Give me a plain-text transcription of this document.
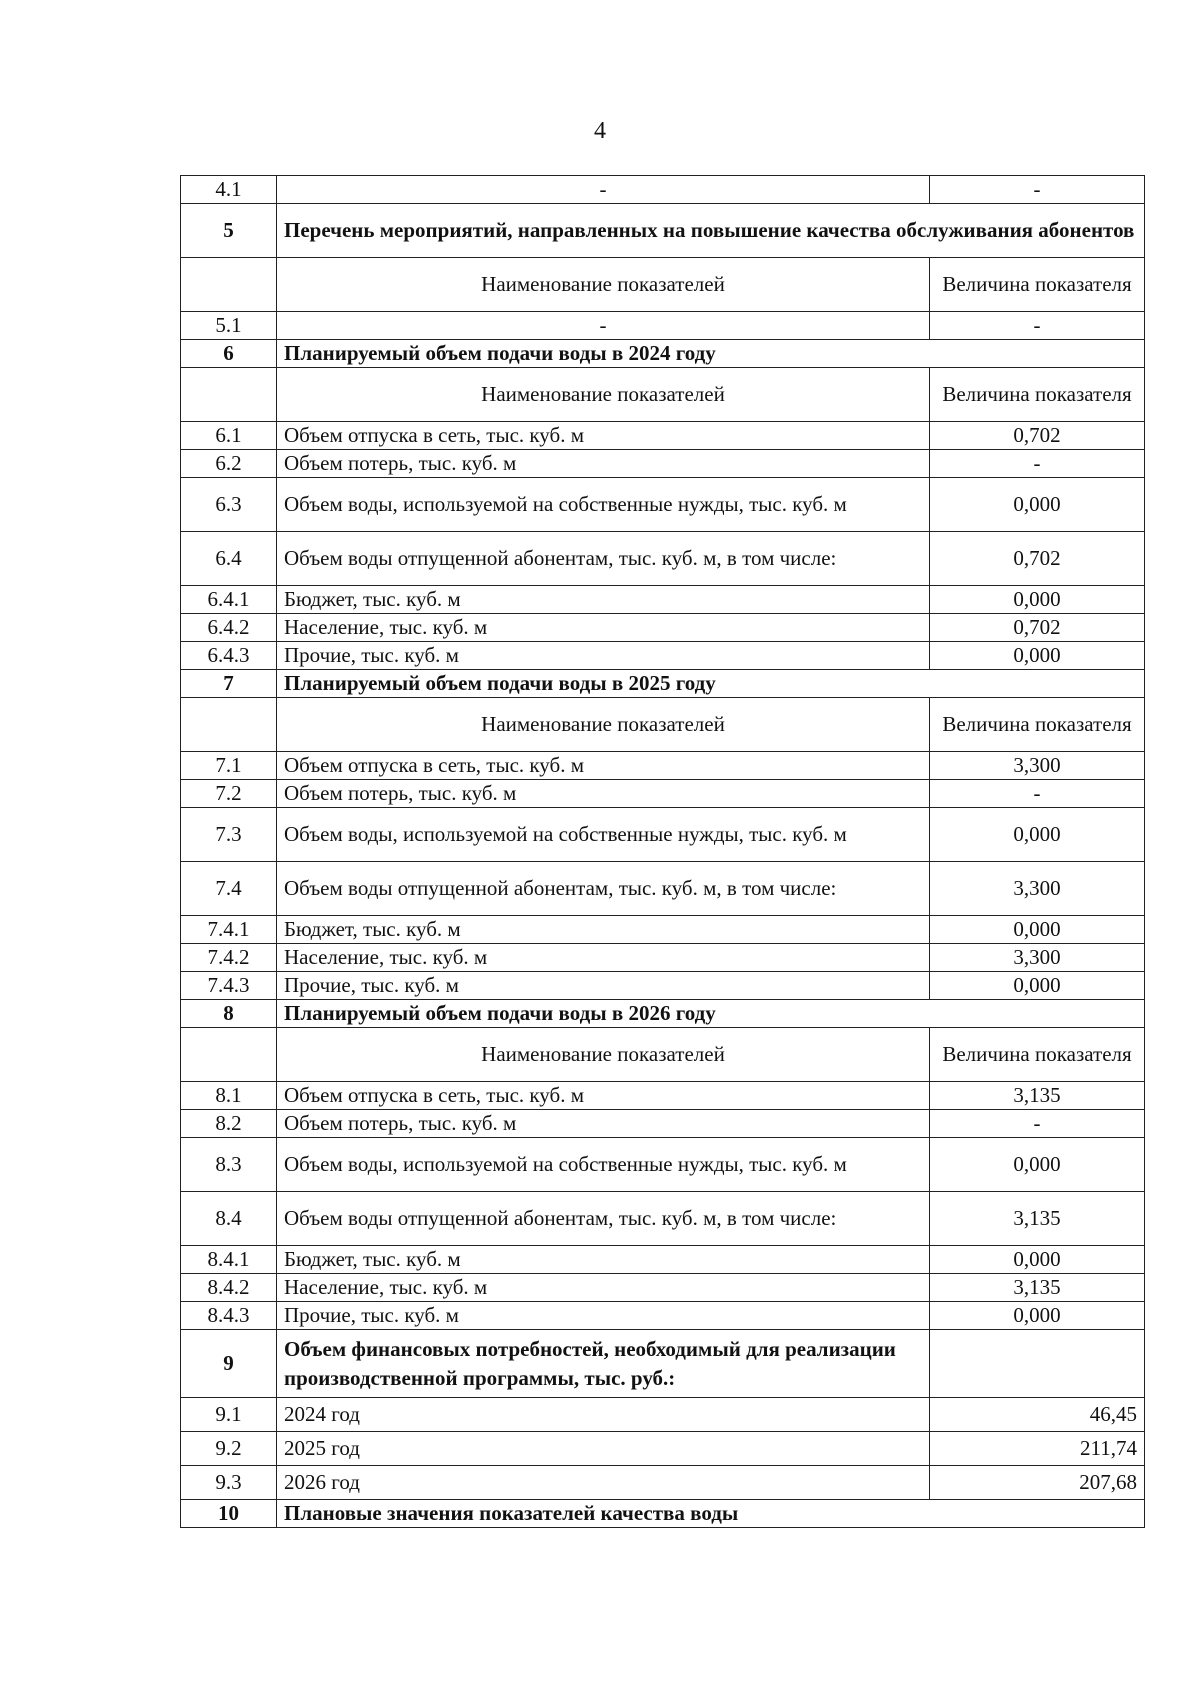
4
4.1	-	-
5	Перечень мероприятий, направленных на повышение качества обслуживания абонентов	
	Наименование показателей	Величина показателя
5.1	-	-
6	Планируемый объем подачи воды в 2024 году	
	Наименование показателей	Величина показателя
6.1	Объем отпуска в сеть, тыс. куб. м	0,702
6.2	Объем потерь, тыс. куб. м	-
6.3	Объем воды, используемой на собственные нужды, тыс. куб. м	0,000
6.4	Объем воды отпущенной абонентам, тыс. куб. м, в том числе:	0,702
6.4.1	Бюджет, тыс. куб. м	0,000
6.4.2	Население, тыс. куб. м	0,702
6.4.3	Прочие, тыс. куб. м	0,000
7	Планируемый объем подачи воды в 2025 году	
	Наименование показателей	Величина показателя
7.1	Объем отпуска в сеть, тыс. куб. м	3,300
7.2	Объем потерь, тыс. куб. м	-
7.3	Объем воды, используемой на собственные нужды, тыс. куб. м	0,000
7.4	Объем воды отпущенной абонентам, тыс. куб. м, в том числе:	3,300
7.4.1	Бюджет, тыс. куб. м	0,000
7.4.2	Население, тыс. куб. м	3,300
7.4.3	Прочие, тыс. куб. м	0,000
8	Планируемый объем подачи воды в 2026 году	
	Наименование показателей	Величина показателя
8.1	Объем отпуска в сеть, тыс. куб. м	3,135
8.2	Объем потерь, тыс. куб. м	-
8.3	Объем воды, используемой на собственные нужды, тыс. куб. м	0,000
8.4	Объем воды отпущенной абонентам, тыс. куб. м, в том числе:	3,135
8.4.1	Бюджет, тыс. куб. м	0,000
8.4.2	Население, тыс. куб. м	3,135
8.4.3	Прочие, тыс. куб. м	0,000
9	Объем финансовых потребностей, необходимый для реализации производственной программы, тыс. руб.:	
9.1	2024 год	46,45
9.2	2025 год	211,74
9.3	2026 год	207,68
10	Плановые значения показателей качества воды	
